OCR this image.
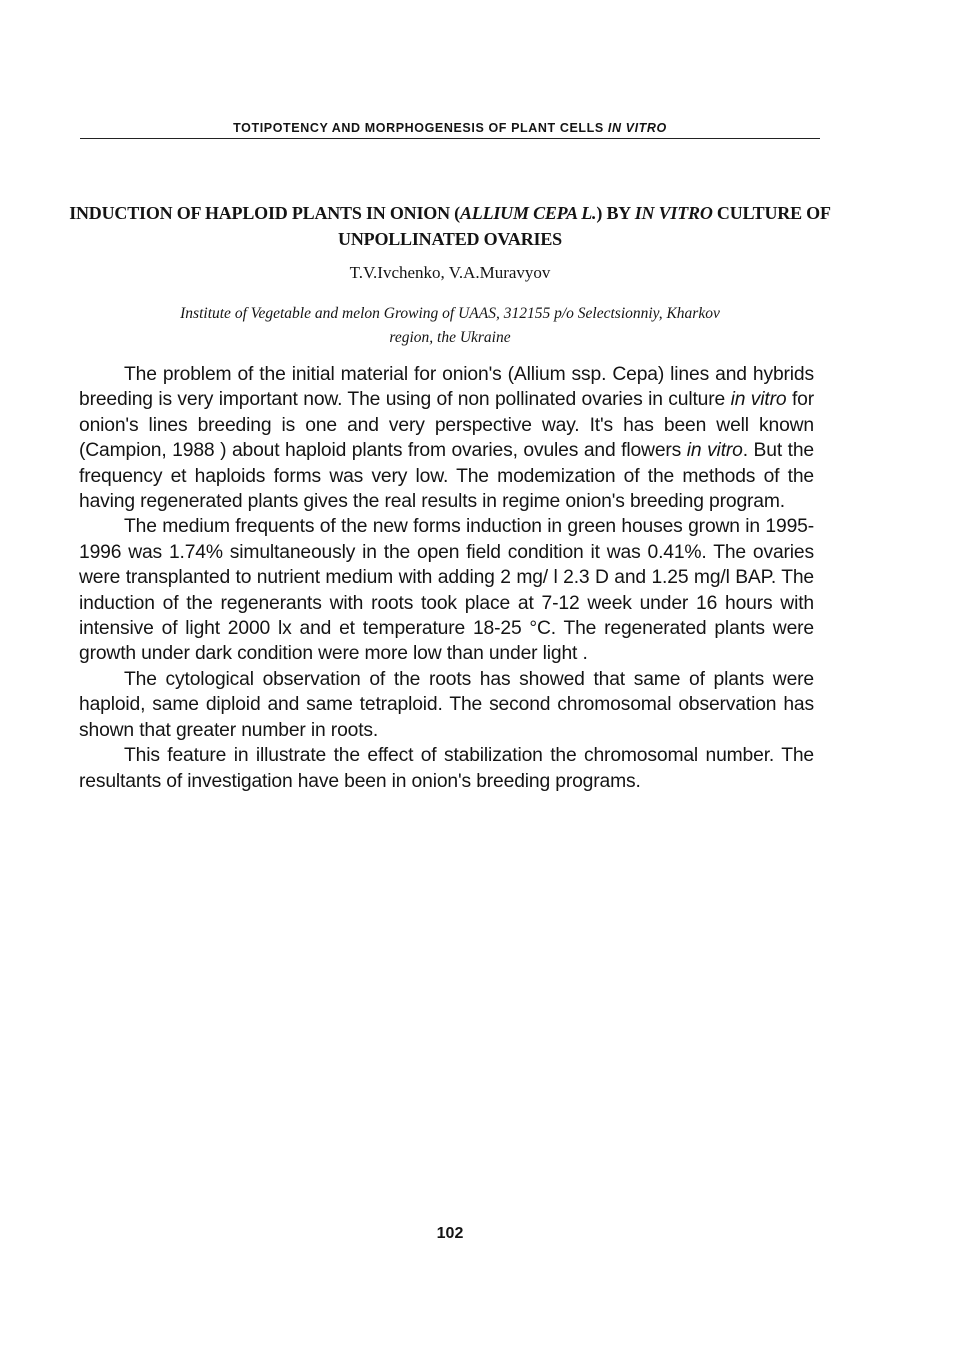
TOTIPOTENCY AND MORPHOGENESIS OF PLANT CELLS IN VITRO
INDUCTION OF HAPLOID PLANTS IN ONION (ALLIUM CEPA L.) BY IN VITRO CULTURE OF UNPOLLINATED OVARIES
T.V.Ivchenko, V.A.Muravyov
Institute of Vegetable and melon Growing of UAAS, 312155 p/o Selectsionniy, Kharkov
region, the Ukraine

The problem of the initial material for onion's (Allium ssp. Cepa) lines and hybrids breeding is very important now. The using of non pollinated ovaries in culture in vitro for onion's lines breeding is one and very perspective way. It's has been well known (Campion, 1988 ) about haploid plants from ovaries, ovules and flowers in vitro. But the frequency et haploids forms was very low. The modemization of the methods of the having regenerated plants gives the real results in regime onion's breeding program.

The medium frequents of the new forms induction in green houses grown in 1995-1996 was 1.74% simultaneously in the open field condition it was 0.41%. The ovaries were transplanted to nutrient medium with adding 2 mg/ l 2.3 D and 1.25 mg/l BAP. The induction of the regenerants with roots took place at 7-12 week under 16 hours with intensive of light 2000 lx and et temperature 18-25 °C. The regenerated plants were growth under dark condition were more low than under light .

The cytological observation of the roots has showed that same of plants were haploid, same diploid and same tetraploid. The second chromosomal observation has shown that greater number in roots.

This feature in illustrate the effect of stabilization the chromosomal number. The resultants of investigation have been in onion's breeding programs.

102
